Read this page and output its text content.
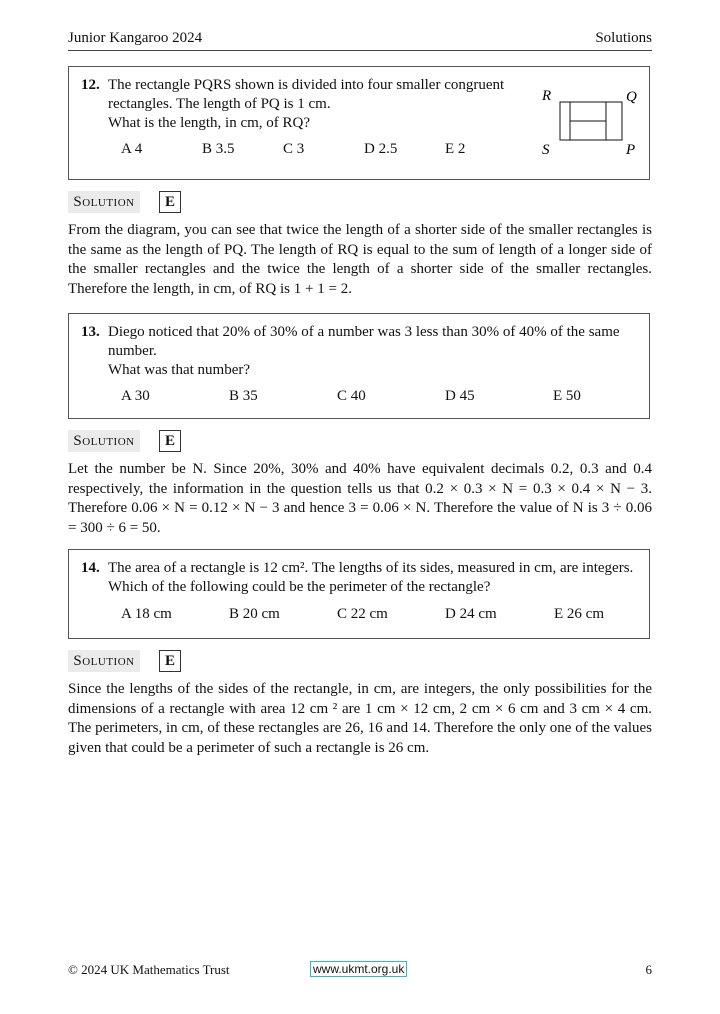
Junior Kangaroo 2024	Solutions
12. The rectangle PQRS shown is divided into four smaller congruent
rectangles. The length of PQ is 1 cm.
What is the length, in cm, of RQ?
A 4	B 3.5	C 3	D 2.5	E 2
R	Q
S	P
Solution	E

From the diagram, you can see that twice the length of a shorter side of the smaller rectangles is the same as the length of PQ. The length of RQ is equal to the sum of length of a longer side of the smaller rectangles and the twice the length of a shorter side of the smaller rectangles. Therefore the length, in cm, of RQ is 1 + 1 = 2.

13. Diego noticed that 20% of 30% of a number was 3 less than 30% of 40% of the same
number.
What was that number?
A 30	B 35	C 40	D 45	E 50
Solution	E

Let the number be N. Since 20%, 30% and 40% have equivalent decimals 0.2, 0.3 and 0.4 respectively, the information in the question tells us that 0.2 × 0.3 × N = 0.3 × 0.4 × N − 3. Therefore 0.06 × N = 0.12 × N − 3 and hence 3 = 0.06 × N. Therefore the value of N is 3 ÷ 0.06 = 300 ÷ 6 = 50.

14. The area of a rectangle is 12 cm². The lengths of its sides, measured in cm, are integers.
Which of the following could be the perimeter of the rectangle?
A 18 cm	B 20 cm	C 22 cm	D 24 cm	E 26 cm
Solution	E

Since the lengths of the sides of the rectangle, in cm, are integers, the only possibilities for the dimensions of a rectangle with area 12 cm ² are 1 cm × 12 cm, 2 cm × 6 cm and 3 cm × 4 cm. The perimeters, in cm, of these rectangles are 26, 16 and 14. Therefore the only one of the values given that could be a perimeter of such a rectangle is 26 cm.

© 2024 UK Mathematics Trust	www.ukmt.org.uk	6
